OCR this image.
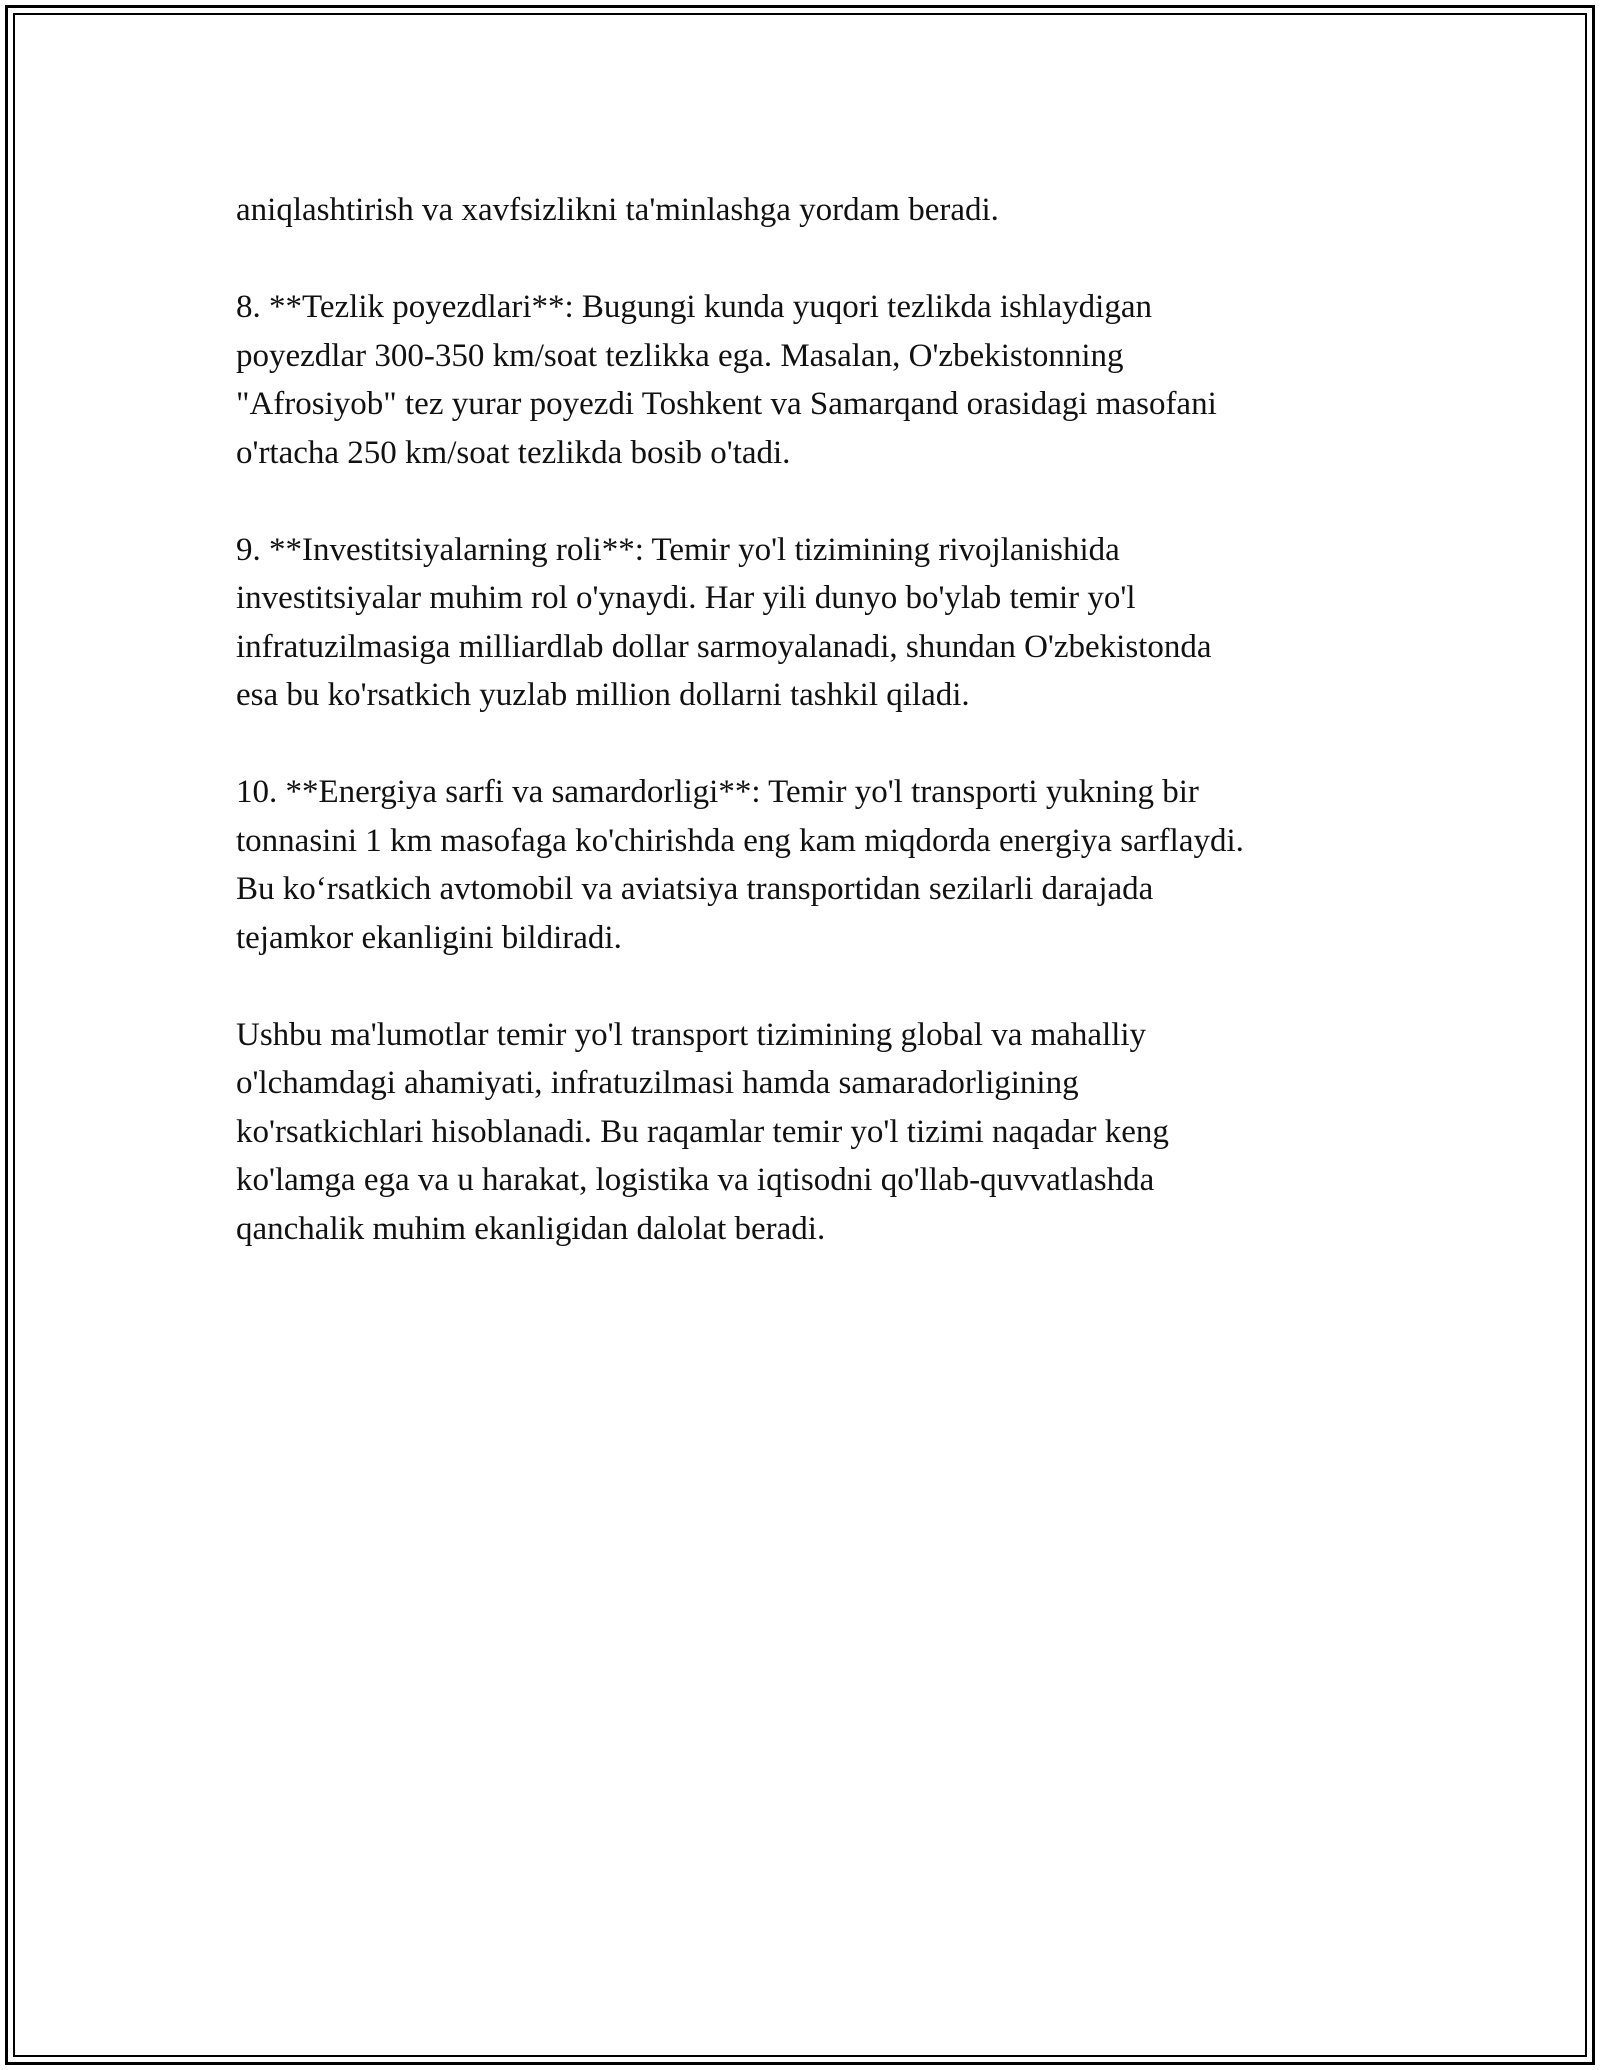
aniqlashtirish va xavfsizlikni ta'minlashga yordam beradi.

8. **Tezlik poyezdlari**: Bugungi kunda yuqori tezlikda ishlaydigan
poyezdlar 300-350 km/soat tezlikka ega. Masalan, O'zbekistonning
"Afrosiyob" tez yurar poyezdi Toshkent va Samarqand orasidagi masofani
o'rtacha 250 km/soat tezlikda bosib o'tadi.

9. **Investitsiyalarning roli**: Temir yo'l tizimining rivojlanishida
investitsiyalar muhim rol o'ynaydi. Har yili dunyo bo'ylab temir yo'l
infratuzilmasiga milliardlab dollar sarmoyalanadi, shundan O'zbekistonda
esa bu ko'rsatkich yuzlab million dollarni tashkil qiladi.

10. **Energiya sarfi va samardorligi**: Temir yo'l transporti yukning bir
tonnasini 1 km masofaga ko'chirishda eng kam miqdorda energiya sarflaydi.
Bu ko‘rsatkich avtomobil va aviatsiya transportidan sezilarli darajada
tejamkor ekanligini bildiradi.

Ushbu ma'lumotlar temir yo'l transport tizimining global va mahalliy
o'lchamdagi ahamiyati, infratuzilmasi hamda samaradorligining
ko'rsatkichlari hisoblanadi. Bu raqamlar temir yo'l tizimi naqadar keng
ko'lamga ega va u harakat, logistika va iqtisodni qo'llab-quvvatlashda
qanchalik muhim ekanligidan dalolat beradi.
